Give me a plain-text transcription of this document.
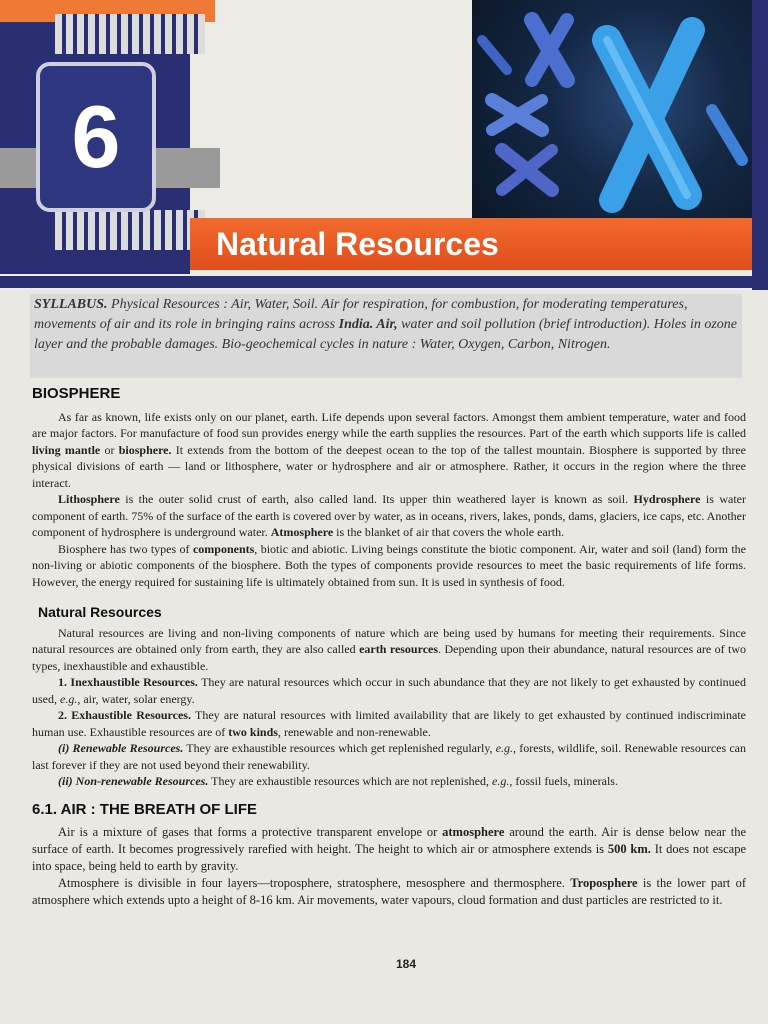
6
Natural Resources
SYLLABUS. Physical Resources : Air, Water, Soil. Air for respiration, for combustion, for moderating temperatures, movements of air and its role in bringing rains across India. Air, water and soil pollution (brief introduction). Holes in ozone layer and the probable damages. Bio-geochemical cycles in nature : Water, Oxygen, Carbon, Nitrogen.
BIOSPHERE

As far as known, life exists only on our planet, earth. Life depends upon several factors. Amongst them ambient temperature, water and food are major factors. For manufacture of food sun provides energy while the earth supplies the resources. Part of the earth which supports life is called living mantle or biosphere. It extends from the bottom of the deepest ocean to the top of the tallest mountain. Biosphere is supported by three physical divisions of earth — land or lithosphere, water or hydrosphere and air or atmosphere. Rather, it occurs in the region where the three interact.

Lithosphere is the outer solid crust of earth, also called land. Its upper thin weathered layer is known as soil. Hydrosphere is water component of earth. 75% of the surface of the earth is covered over by water, as in oceans, rivers, lakes, ponds, dams, glaciers, ice caps, etc. Another component of hydrosphere is underground water. Atmosphere is the blanket of air that covers the whole earth.

Biosphere has two types of components, biotic and abiotic. Living beings constitute the biotic component. Air, water and soil (land) form the non-living or abiotic components of the biosphere. Both the types of components provide resources to meet the basic requirements of life forms. However, the energy required for sustaining life is ultimately obtained from sun. It is used in synthesis of food.

Natural Resources

Natural resources are living and non-living components of nature which are being used by humans for meeting their requirements. Since natural resources are obtained only from earth, they are also called earth resources. Depending upon their abundance, natural resources are of two types, inexhaustible and exhaustible.

1. Inexhaustible Resources. They are natural resources which occur in such abundance that they are not likely to get exhausted by continued used, e.g., air, water, solar energy.

2. Exhaustible Resources. They are natural resources with limited availability that are likely to get exhausted by continued indiscriminate human use. Exhaustible resources are of two kinds, renewable and non-renewable.

(i) Renewable Resources. They are exhaustible resources which get replenished regularly, e.g., forests, wildlife, soil. Renewable resources can last forever if they are not used beyond their renewability.

(ii) Non-renewable Resources. They are exhaustible resources which are not replenished, e.g., fossil fuels, minerals.

6.1. AIR : THE BREATH OF LIFE

Air is a mixture of gases that forms a protective transparent envelope or atmosphere around the earth. Air is dense below near the surface of earth. It becomes progressively rarefied with height. The height to which air or atmosphere extends is 500 km. It does not escape into space, being held to earth by gravity.

Atmosphere is divisible in four layers—troposphere, stratosphere, mesosphere and thermosphere. Troposphere is the lower part of atmosphere which extends upto a height of 8-16 km. Air movements, water vapours, cloud formation and dust particles are restricted to it.

184
